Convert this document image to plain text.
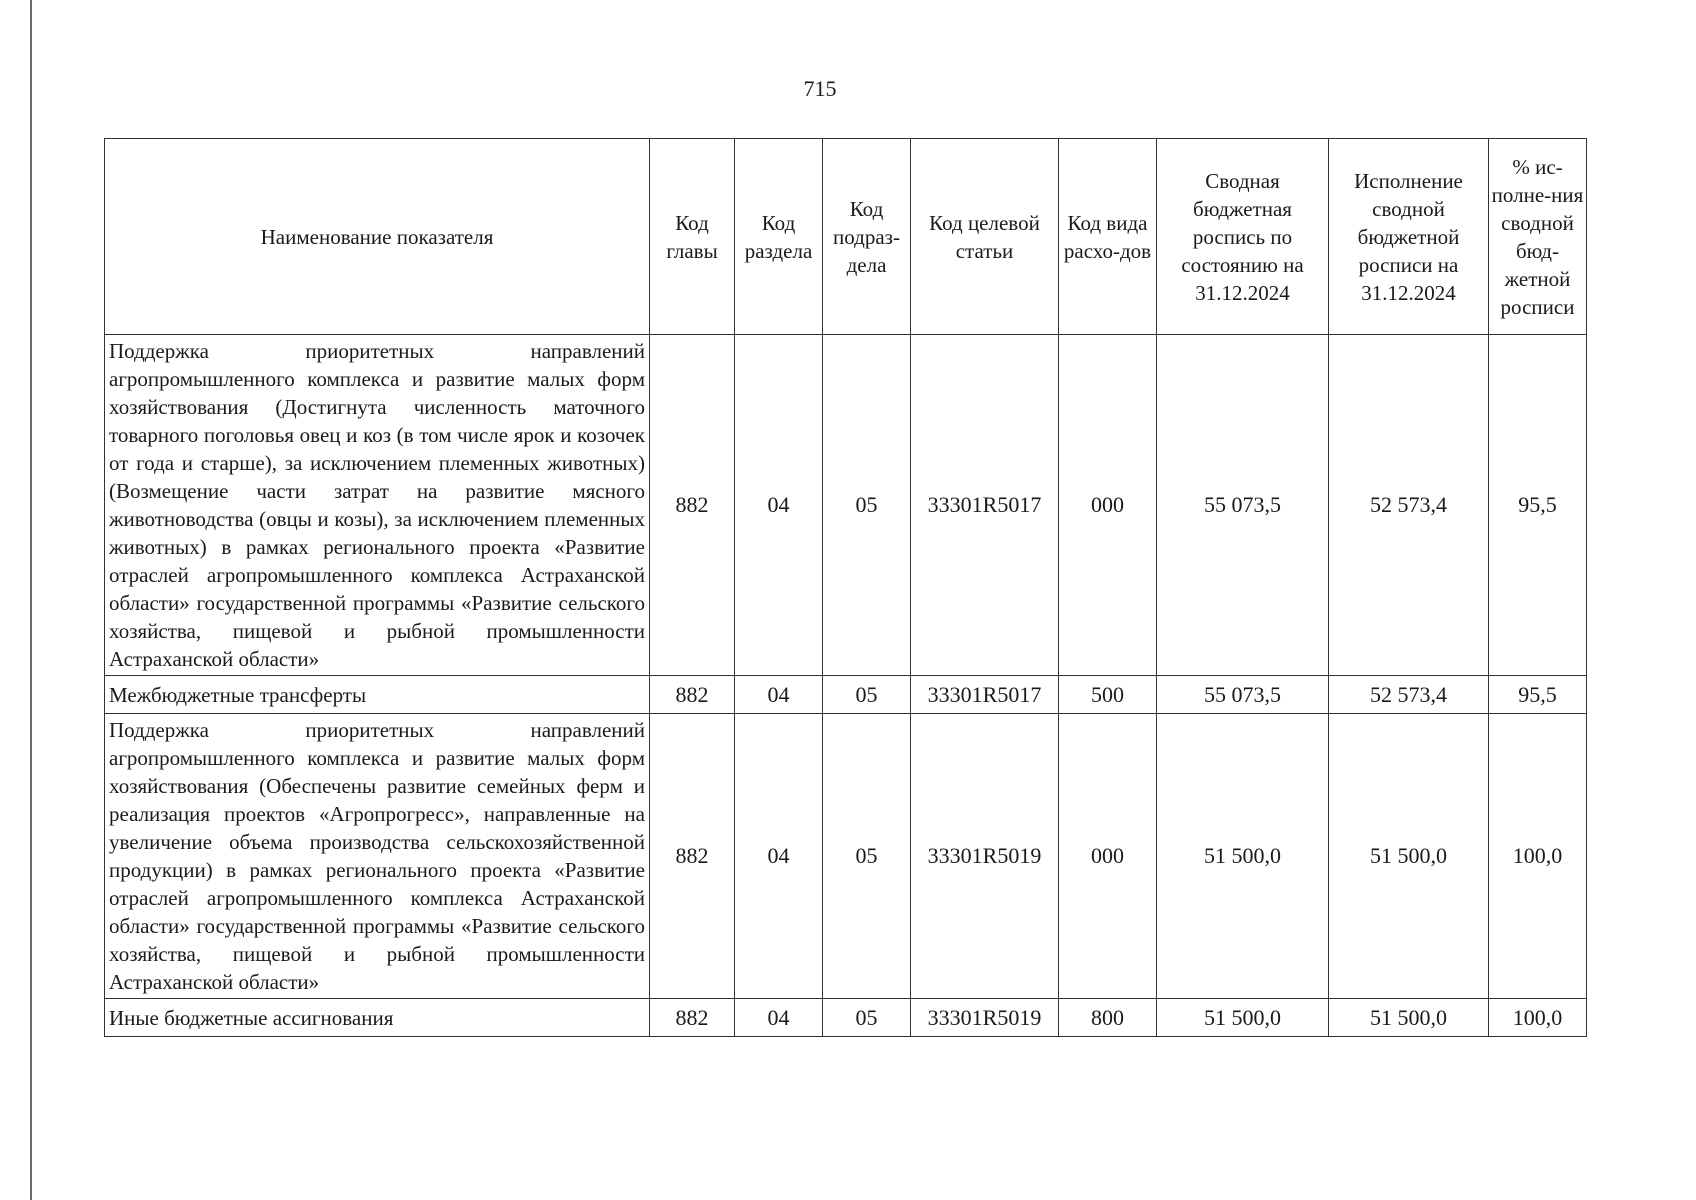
715
Наименование показателя	Код главы	Код раздела	Код подраз-дела	Код целевой статьи	Код вида расхо-дов	Сводная бюджетная роспись по состоянию на 31.12.2024	Исполнение сводной бюджетной росписи на 31.12.2024	% ис-полне-ния сводной бюд-жетной росписи
Поддержка приоритетных направлений агропромышленного комплекса и развитие малых форм хозяйствования (Достигнута численность маточного товарного поголовья овец и коз (в том числе ярок и козочек от года и старше), за исключением племенных животных) (Возмещение части затрат на развитие мясного животноводства (овцы и козы), за исключением племенных животных) в рамках регионального проекта «Развитие отраслей агропромышленного комплекса Астраханской области» государственной программы «Развитие сельского хозяйства, пищевой и рыбной промышленности Астраханской области»	882	04	05	33301R5017	000	55 073,5	52 573,4	95,5
Межбюджетные трансферты	882	04	05	33301R5017	500	55 073,5	52 573,4	95,5
Поддержка приоритетных направлений агропромышленного комплекса и развитие малых форм хозяйствования (Обеспечены развитие семейных ферм и реализация проектов «Агропрогресс», направленные на увеличение объема производства сельскохозяйственной продукции) в рамках регионального проекта «Развитие отраслей агропромышленного комплекса Астраханской области» государственной программы «Развитие сельского хозяйства, пищевой и рыбной промышленности Астраханской области»	882	04	05	33301R5019	000	51 500,0	51 500,0	100,0
Иные бюджетные ассигнования	882	04	05	33301R5019	800	51 500,0	51 500,0	100,0
